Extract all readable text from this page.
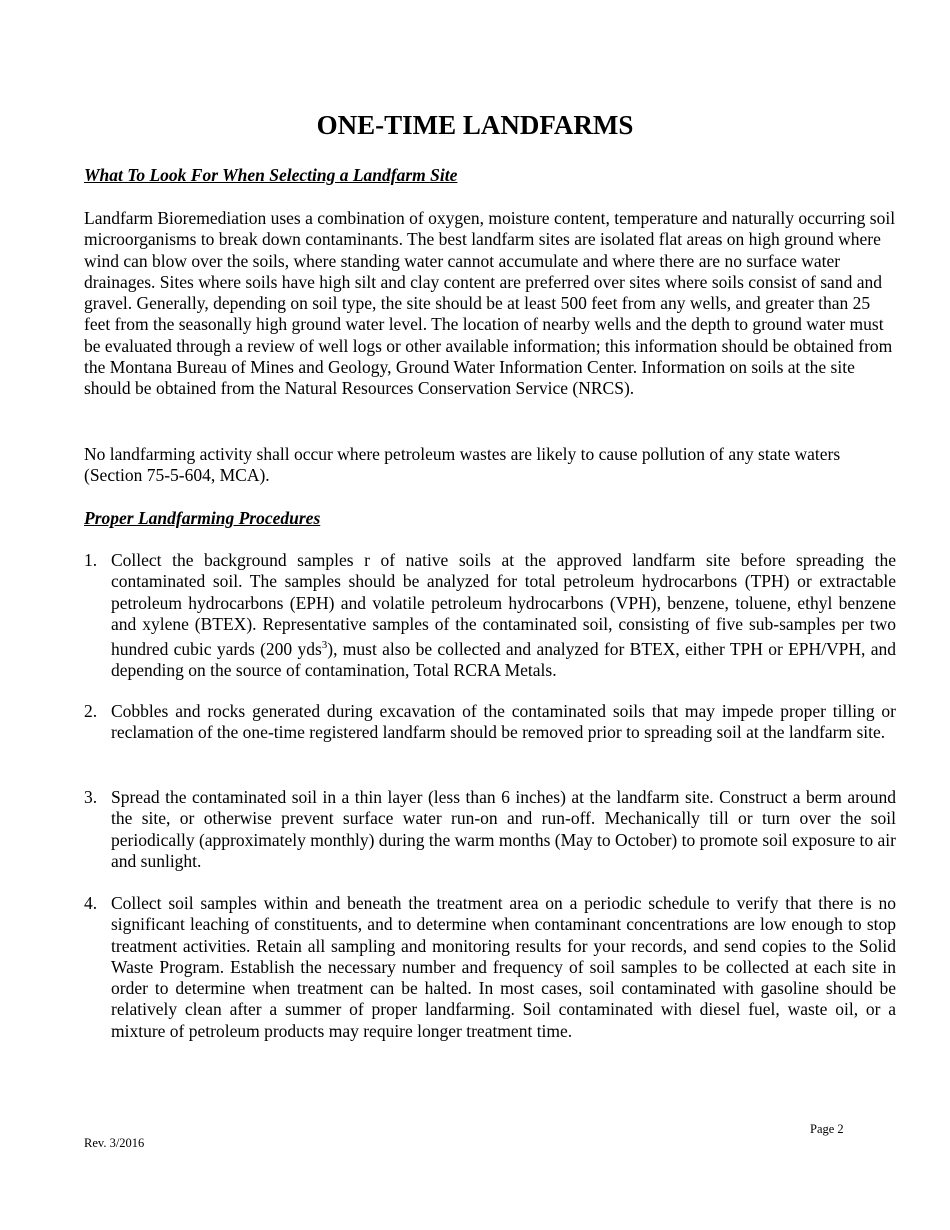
ONE-TIME LANDFARMS

What To Look For When Selecting a Landfarm Site

Landfarm Bioremediation uses a combination of oxygen, moisture content, temperature and naturally occurring soil microorganisms to break down contaminants. The best landfarm sites are isolated flat areas on high ground where wind can blow over the soils, where standing water cannot accumulate and where there are no surface water drainages. Sites where soils have high silt and clay content are preferred over sites where soils consist of sand and gravel. Generally, depending on soil type, the site should be at least 500 feet from any wells, and greater than 25 feet from the seasonally high ground water level. The location of nearby wells and the depth to ground water must be evaluated through a review of well logs or other available information; this information should be obtained from the Montana Bureau of Mines and Geology, Ground Water Information Center. Information on soils at the site should be obtained from the Natural Resources Conservation Service (NRCS).

No landfarming activity shall occur where petroleum wastes are likely to cause pollution of any state waters (Section 75-5-604, MCA).

Proper Landfarming Procedures

1. Collect the background samples r of native soils at the approved landfarm site before spreading the contaminated soil. The samples should be analyzed for total petroleum hydrocarbons (TPH) or extractable petroleum hydrocarbons (EPH) and volatile petroleum hydrocarbons (VPH), benzene, toluene, ethyl benzene and xylene (BTEX). Representative samples of the contaminated soil, consisting of five sub-samples per two hundred cubic yards (200 yds$^3$), must also be collected and analyzed for BTEX, either TPH or EPH/VPH, and depending on the source of contamination, Total RCRA Metals.
2. Cobbles and rocks generated during excavation of the contaminated soils that may impede proper tilling or reclamation of the one-time registered landfarm should be removed prior to spreading soil at the landfarm site.
3. Spread the contaminated soil in a thin layer (less than 6 inches) at the landfarm site. Construct a berm around the site, or otherwise prevent surface water run-on and run-off. Mechanically till or turn over the soil periodically (approximately monthly) during the warm months (May to October) to promote soil exposure to air and sunlight.
4. Collect soil samples within and beneath the treatment area on a periodic schedule to verify that there is no significant leaching of constituents, and to determine when contaminant concentrations are low enough to stop treatment activities. Retain all sampling and monitoring results for your records, and send copies to the Solid Waste Program. Establish the necessary number and frequency of soil samples to be collected at each site in order to determine when treatment can be halted. In most cases, soil contaminated with gasoline should be relatively clean after a summer of proper landfarming. Soil contaminated with diesel fuel, waste oil, or a mixture of petroleum products may require longer treatment time.
Page 2
Rev. 3/2016
